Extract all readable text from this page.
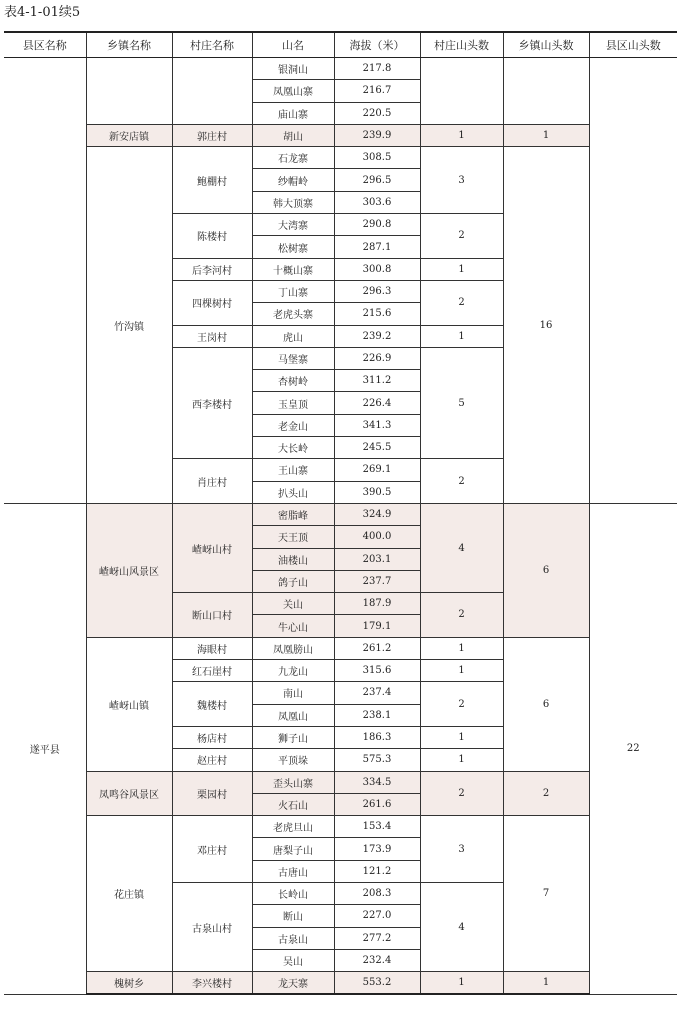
表4-1-01续5
县区名称	乡镇名称	村庄名称	山名	海拔（米）	村庄山头数	乡镇山头数	县区山头数
			银洞山	217.8			
			凤凰山寨	216.7			
			庙山寨	220.5			
	新安店镇	郭庄村	胡山	239.9	1	1	
	竹沟镇	鲍棚村	石龙寨	308.5	3	16	
			纱帽岭	296.5			
			韩大顶寨	303.6			
		陈楼村	大湾寨	290.8	2		
			松树寨	287.1			
		后李河村	十概山寨	300.8	1		
		四棵树村	丁山寨	296.3	2		
			老虎头寨	215.6			
		王岗村	虎山	239.2	1		
		西李楼村	马堡寨	226.9	5		
			杏树岭	311.2			
			玉皇顶	226.4			
			老金山	341.3			
			大长岭	245.5			
		肖庄村	王山寨	269.1	2		
			扒头山	390.5			
遂平县	嵖岈山风景区	嵖岈山村	密脂峰	324.9	4	6	22
			天王顶	400.0			
			油楼山	203.1			
			鸽子山	237.7			
		断山口村	关山	187.9	2		
			牛心山	179.1			
	嵖岈山镇	海眼村	凤凰膀山	261.2	1	6	
		红石崖村	九龙山	315.6	1		
		魏楼村	南山	237.4	2		
			凤凰山	238.1			
		杨店村	狮子山	186.3	1		
		赵庄村	平顶垛	575.3	1		
	凤鸣谷风景区	栗园村	歪头山寨	334.5	2	2	
			火石山	261.6			
	花庄镇	邓庄村	老虎旦山	153.4	3	7	
			唐梨子山	173.9			
			古唐山	121.2			
		古泉山村	长岭山	208.3	4		
			断山	227.0			
			古泉山	277.2			
			吴山	232.4			
	槐树乡	李兴楼村	龙天寨	553.2	1	1	
